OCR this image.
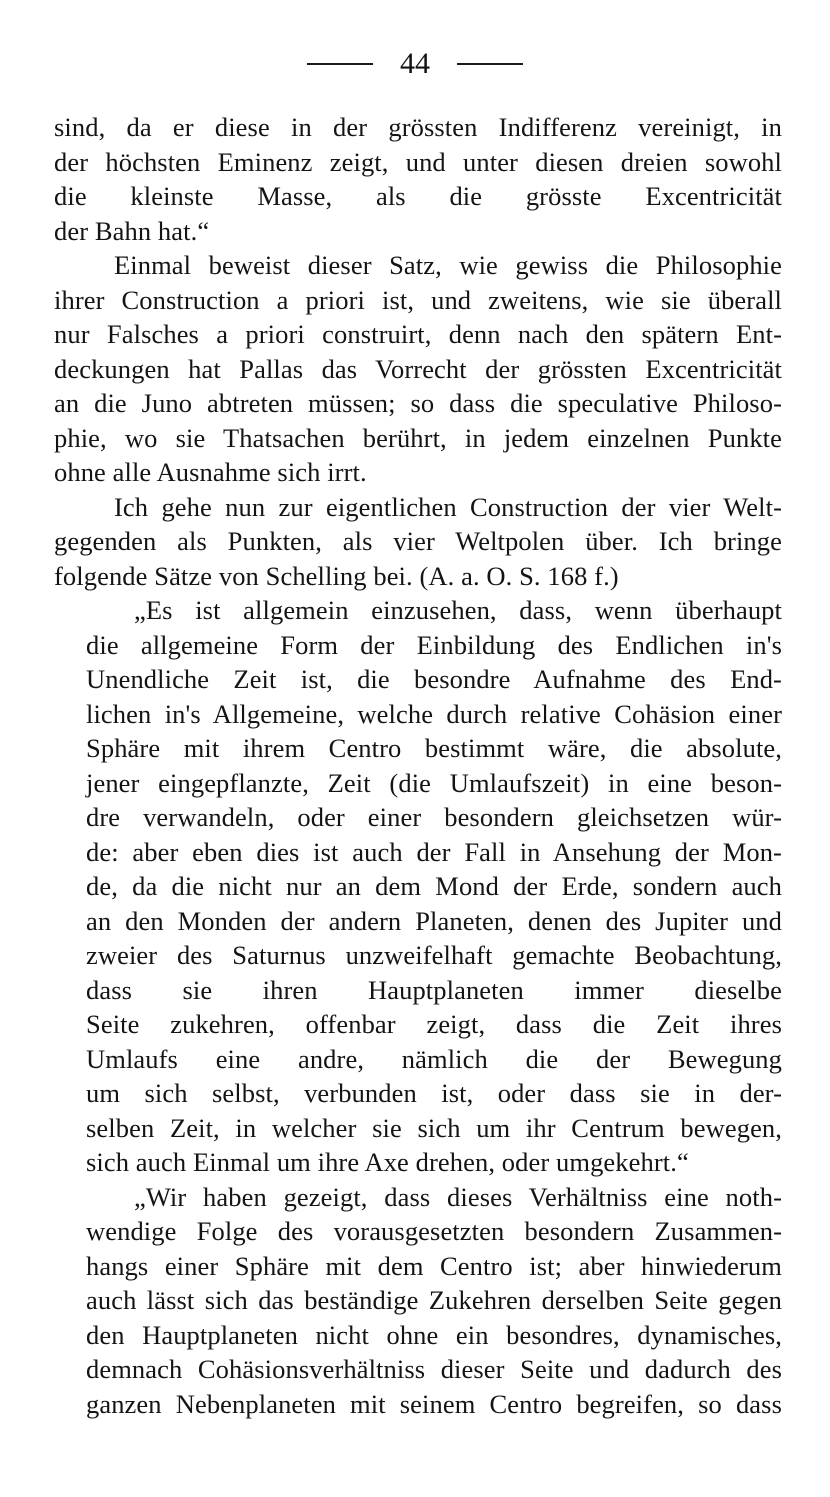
44
sind, da er diese in der grössten Indifferenz vereinigt, in
der höchsten Eminenz zeigt, und unter diesen dreien sowohl
die kleinste Masse, als die grösste Excentricität
der Bahn hat.“
Einmal beweist dieser Satz, wie gewiss die Philosophie
ihrer Construction a priori ist, und zweitens, wie sie überall
nur Falsches a priori construirt, denn nach den spätern Ent-
deckungen hat Pallas das Vorrecht der grössten Excentricität
an die Juno abtreten müssen; so dass die speculative Philoso-
phie, wo sie Thatsachen berührt, in jedem einzelnen Punkte
ohne alle Ausnahme sich irrt.
Ich gehe nun zur eigentlichen Construction der vier Welt-
gegenden als Punkten, als vier Weltpolen über. Ich bringe
folgende Sätze von Schelling bei. (A. a. O. S. 168 f.)
„Es ist allgemein einzusehen, dass, wenn überhaupt
die allgemeine Form der Einbildung des Endlichen in's
Unendliche Zeit ist, die besondre Aufnahme des End-
lichen in's Allgemeine, welche durch relative Cohäsion einer
Sphäre mit ihrem Centro bestimmt wäre, die absolute,
jener eingepflanzte, Zeit (die Umlaufszeit) in eine beson-
dre verwandeln, oder einer besondern gleichsetzen wür-
de: aber eben dies ist auch der Fall in Ansehung der Mon-
de, da die nicht nur an dem Mond der Erde, sondern auch
an den Monden der andern Planeten, denen des Jupiter und
zweier des Saturnus unzweifelhaft gemachte Beobachtung,
dass sie ihren Hauptplaneten immer dieselbe
Seite zukehren, offenbar zeigt, dass die Zeit ihres
Umlaufs eine andre, nämlich die der Bewegung
um sich selbst, verbunden ist, oder dass sie in der-
selben Zeit, in welcher sie sich um ihr Centrum bewegen,
sich auch Einmal um ihre Axe drehen, oder umgekehrt.“
„Wir haben gezeigt, dass dieses Verhältniss eine noth-
wendige Folge des vorausgesetzten besondern Zusammen-
hangs einer Sphäre mit dem Centro ist; aber hinwiederum
auch lässt sich das beständige Zukehren derselben Seite gegen
den Hauptplaneten nicht ohne ein besondres, dynamisches,
demnach Cohäsionsverhältniss dieser Seite und dadurch des
ganzen Nebenplaneten mit seinem Centro begreifen, so dass
